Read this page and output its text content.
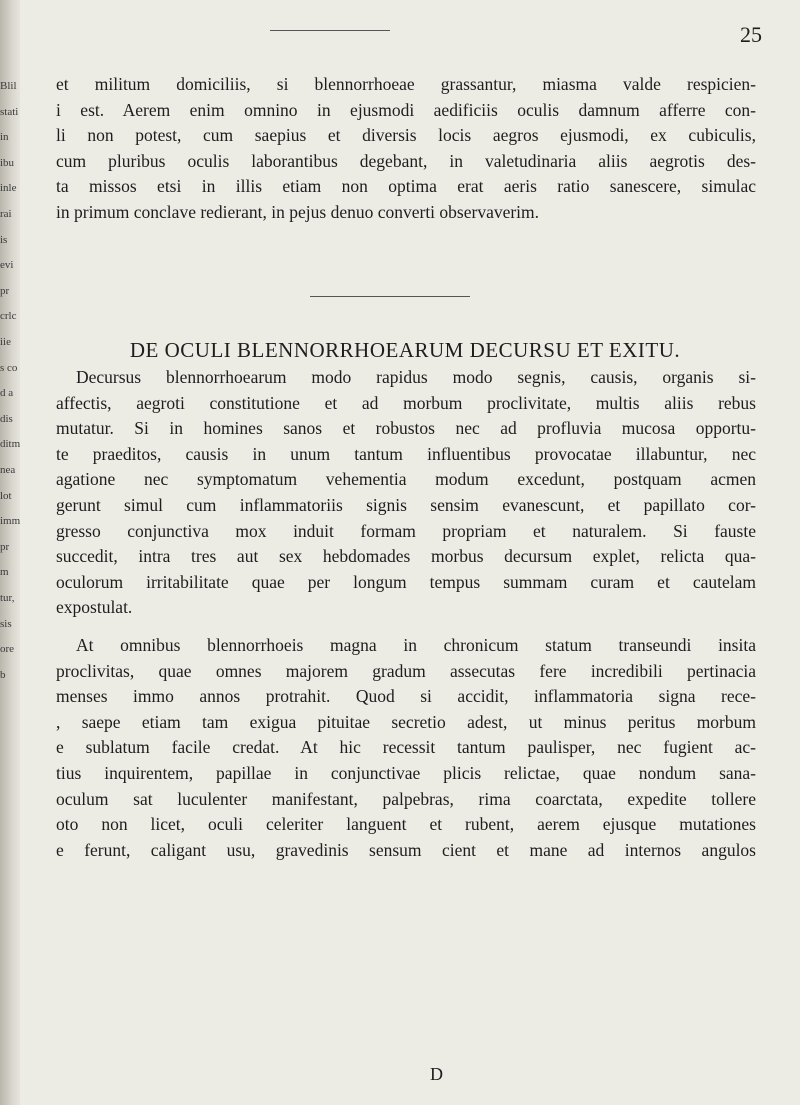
Blil
stati
in
ibu
inle
rai
is
evi
pr
crlc
iie
s co
d a
dis
ditm
nea
lot
imm
pr
m
tur,
sis
ore
b
25
et militum domiciliis, si blennorrhoeae grassantur, miasma valde respicien-
i est. Aerem enim omnino in ejusmodi aedificiis oculis damnum afferre con-
li non potest, cum saepius et diversis locis aegros ejusmodi, ex cubiculis,
cum pluribus oculis laborantibus degebant, in valetudinaria aliis aegrotis des-
ta missos etsi in illis etiam non optima erat aeris ratio sanescere, simulac
in primum conclave redierant, in pejus denuo converti observaverim.
DE OCULI BLENNORRHOEARUM DECURSU ET EXITU.
Decursus blennorrhoearum modo rapidus modo segnis, causis, organis si-
affectis, aegroti constitutione et ad morbum proclivitate, multis aliis rebus
mutatur. Si in homines sanos et robustos nec ad profluvia mucosa opportu-
te praeditos, causis in unum tantum influentibus provocatae illabuntur, nec
agatione nec symptomatum vehementia modum excedunt, postquam acmen
gerunt simul cum inflammatoriis signis sensim evanescunt, et papillato cor-
gresso conjunctiva mox induit formam propriam et naturalem. Si fauste
succedit, intra tres aut sex hebdomades morbus decursum explet, relicta qua-
oculorum irritabilitate quae per longum tempus summam curam et cautelam
expostulat.
At omnibus blennorrhoeis magna in chronicum statum transeundi insita
proclivitas, quae omnes majorem gradum assecutas fere incredibili pertinacia
menses immo annos protrahit. Quod si accidit, inflammatoria signa rece-
, saepe etiam tam exigua pituitae secretio adest, ut minus peritus morbum
e sublatum facile credat. At hic recessit tantum paulisper, nec fugient ac-
tius inquirentem, papillae in conjunctivae plicis relictae, quae nondum sana-
oculum sat luculenter manifestant, palpebras, rima coarctata, expedite tollere
oto non licet, oculi celeriter languent et rubent, aerem ejusque mutationes
e ferunt, caligant usu, gravedinis sensum cient et mane ad internos angulos
D
